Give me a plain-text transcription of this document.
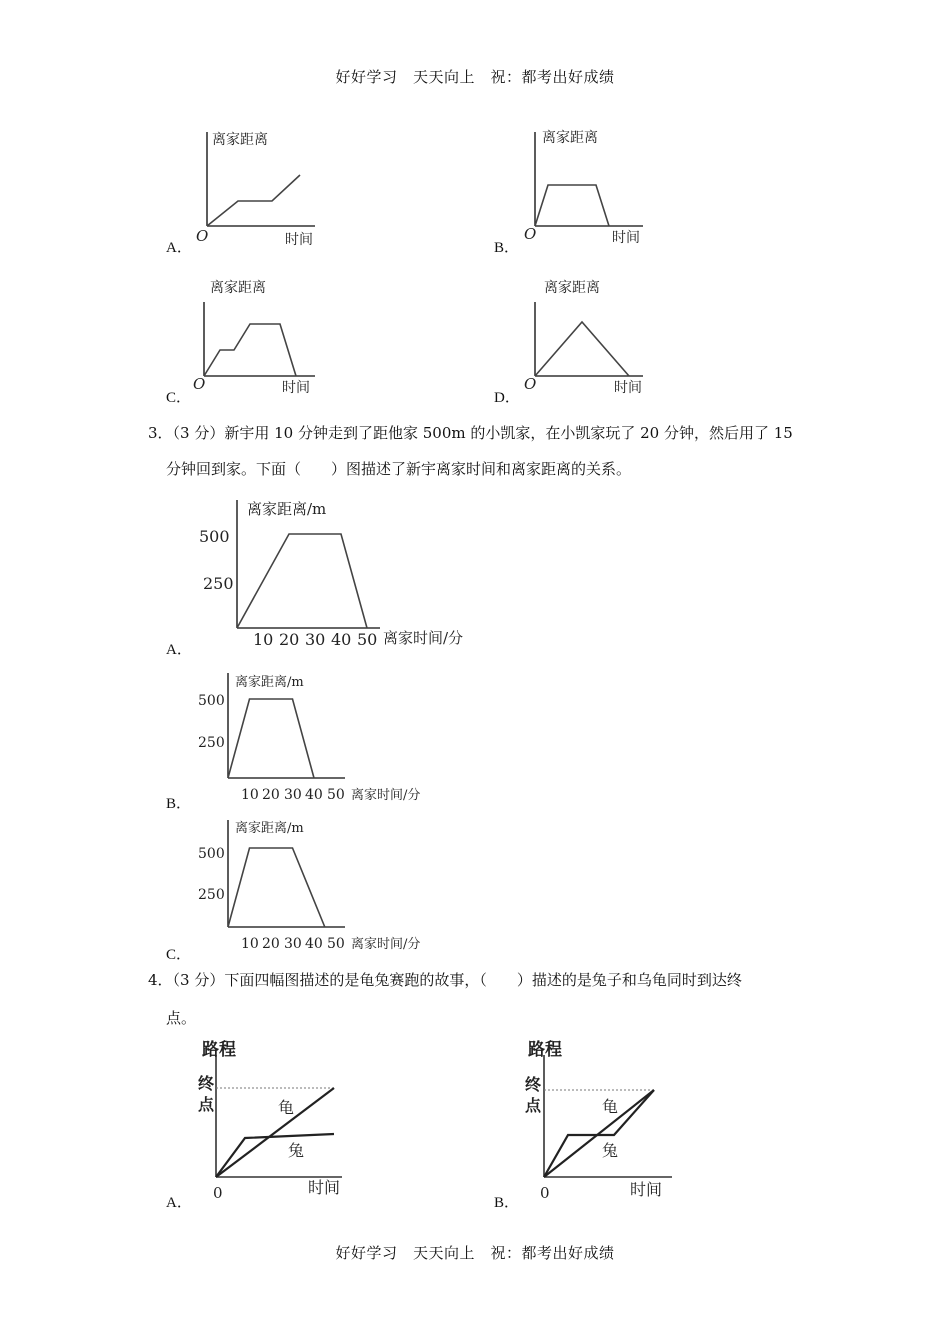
好好学习　天天向上　祝：都考出好成绩
A．
离家距离
O	时间	B．
离家距离
O	时间
C．
离家距离
O	时间
D．
离家距离
O	时间
3．（3 分）新宇用 10 分钟走到了距他家 500m 的小凯家，在小凯家玩了 20 分钟，然后用了 15
分钟回到家。下面（　　）图描述了新宇离家时间和离家距离的关系。
A．
离家距离/m
500
250
10 20 30 40 50 离家时间/分
B．
离家距离/m
500
250
10 20 30 40 50 离家时间/分
C．
离家距离/m
500
250
10 20 30 40 50 离家时间/分
4．（3 分）下面四幅图描述的是龟兔赛跑的故事，（　　）描述的是兔子和乌龟同时到达终
点。
A．
路程
终
点	龟
兔
0	时间
B．
路程
终
点	龟
兔
0	时间
好好学习　天天向上　祝：都考出好成绩
